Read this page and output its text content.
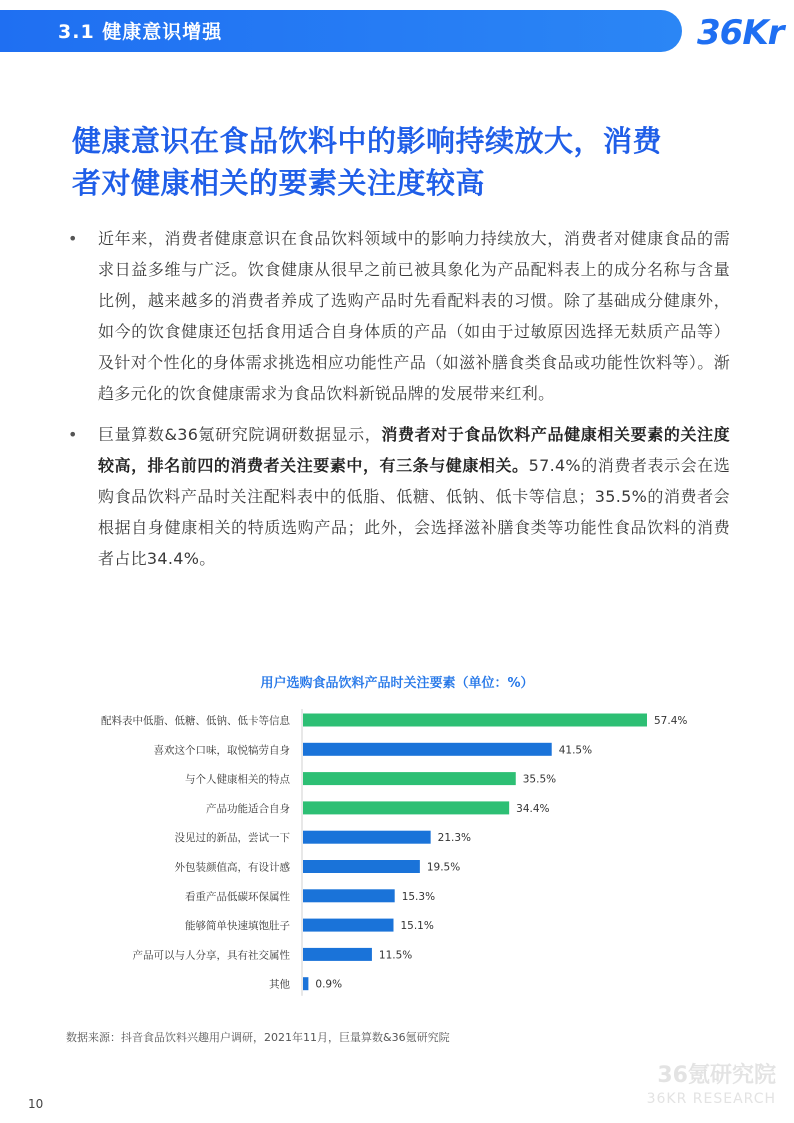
3.1 健康意识增强	36Kr
健康意识在食品饮料中的影响持续放大，消费
者对健康相关的要素关注度较高
• 近年来，消费者健康意识在食品饮料领域中的影响力持续放大，消费者对健康食品的需求日益多维与广泛。饮食健康从很早之前已被具象化为产品配料表上的成分名称与含量比例，越来越多的消费者养成了选购产品时先看配料表的习惯。除了基础成分健康外，如今的饮食健康还包括食用适合自身体质的产品（如由于过敏原因选择无麸质产品等）及针对个性化的身体需求挑选相应功能性产品（如滋补膳食类食品或功能性饮料等）。渐趋多元化的饮食健康需求为食品饮料新锐品牌的发展带来红利。
• 巨量算数&36氪研究院调研数据显示，消费者对于食品饮料产品健康相关要素的关注度较高，排名前四的消费者关注要素中，有三条与健康相关。57.4%的消费者表示会在选购食品饮料产品时关注配料表中的低脂、低糖、低钠、低卡等信息；35.5%的消费者会根据自身健康相关的特质选购产品；此外，会选择滋补膳食类等功能性食品饮料的消费者占比34.4%。
用户选购食品饮料产品时关注要素（单位：%）
配料表中低脂、低糖、低钠、低卡等信息	57.4%
喜欢这个口味，取悦犒劳自身	41.5%
与个人健康相关的特点	35.5%
产品功能适合自身	34.4%
没见过的新品，尝试一下	21.3%
外包装颜值高，有设计感	19.5%
看重产品低碳环保属性	15.3%
能够简单快速填饱肚子	15.1%
产品可以与人分享，具有社交属性	11.5%
其他 0.9%
数据来源：抖音食品饮料兴趣用户调研，2021年11月，巨量算数&36氪研究院
36氪研究院
36KR RESEARCH
10
